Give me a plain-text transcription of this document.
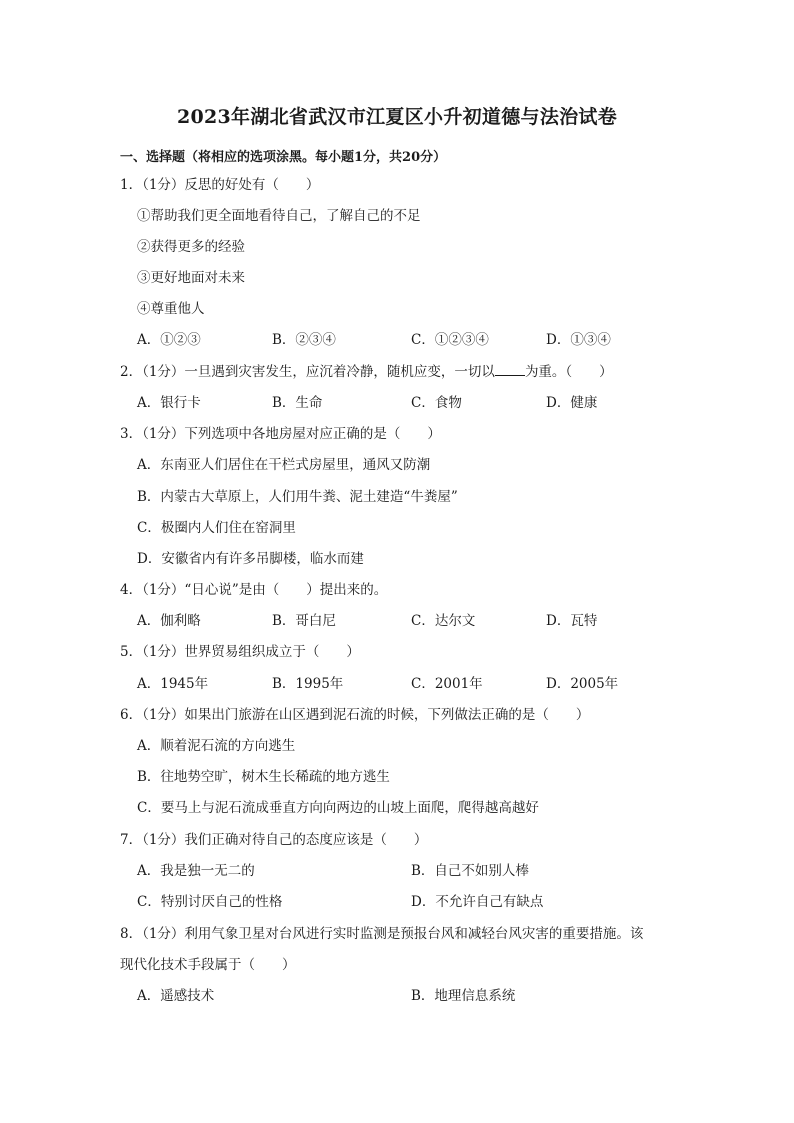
2023年湖北省武汉市江夏区小升初道德与法治试卷
一、选择题（将相应的选项涂黑。每小题1分，共20分）
1．（1分）反思的好处有（　　）
①帮助我们更全面地看待自己，了解自己的不足
②获得更多的经验
③更好地面对未来
④尊重他人
A．①②③	B．②③④	C．①②③④	D．①③④
2．（1分）一旦遇到灾害发生，应沉着冷静，随机应变，一切以 为重。（　　）
A．银行卡	B．生命	C．食物	D．健康
3．（1分）下列选项中各地房屋对应正确的是（　　）
A．东南亚人们居住在干栏式房屋里，通风又防潮
B．内蒙古大草原上，人们用牛粪、泥土建造“牛粪屋”
C．极圈内人们住在窑洞里
D．安徽省内有许多吊脚楼，临水而建
4．（1分）“日心说”是由（　　）提出来的。
A．伽利略	B．哥白尼	C．达尔文	D．瓦特
5．（1分）世界贸易组织成立于（　　）
A．1945年	B．1995年	C．2001年	D．2005年
6．（1分）如果出门旅游在山区遇到泥石流的时候，下列做法正确的是（　　）
A．顺着泥石流的方向逃生
B．往地势空旷，树木生长稀疏的地方逃生
C．要马上与泥石流成垂直方向向两边的山坡上面爬，爬得越高越好
7．（1分）我们正确对待自己的态度应该是（　　）
A．我是独一无二的	B．自己不如别人棒
C．特别讨厌自己的性格	D．不允许自己有缺点
8．（1分）利用气象卫星对台风进行实时监测是预报台风和减轻台风灾害的重要措施。该
现代化技术手段属于（　　）
A．遥感技术	B．地理信息系统
